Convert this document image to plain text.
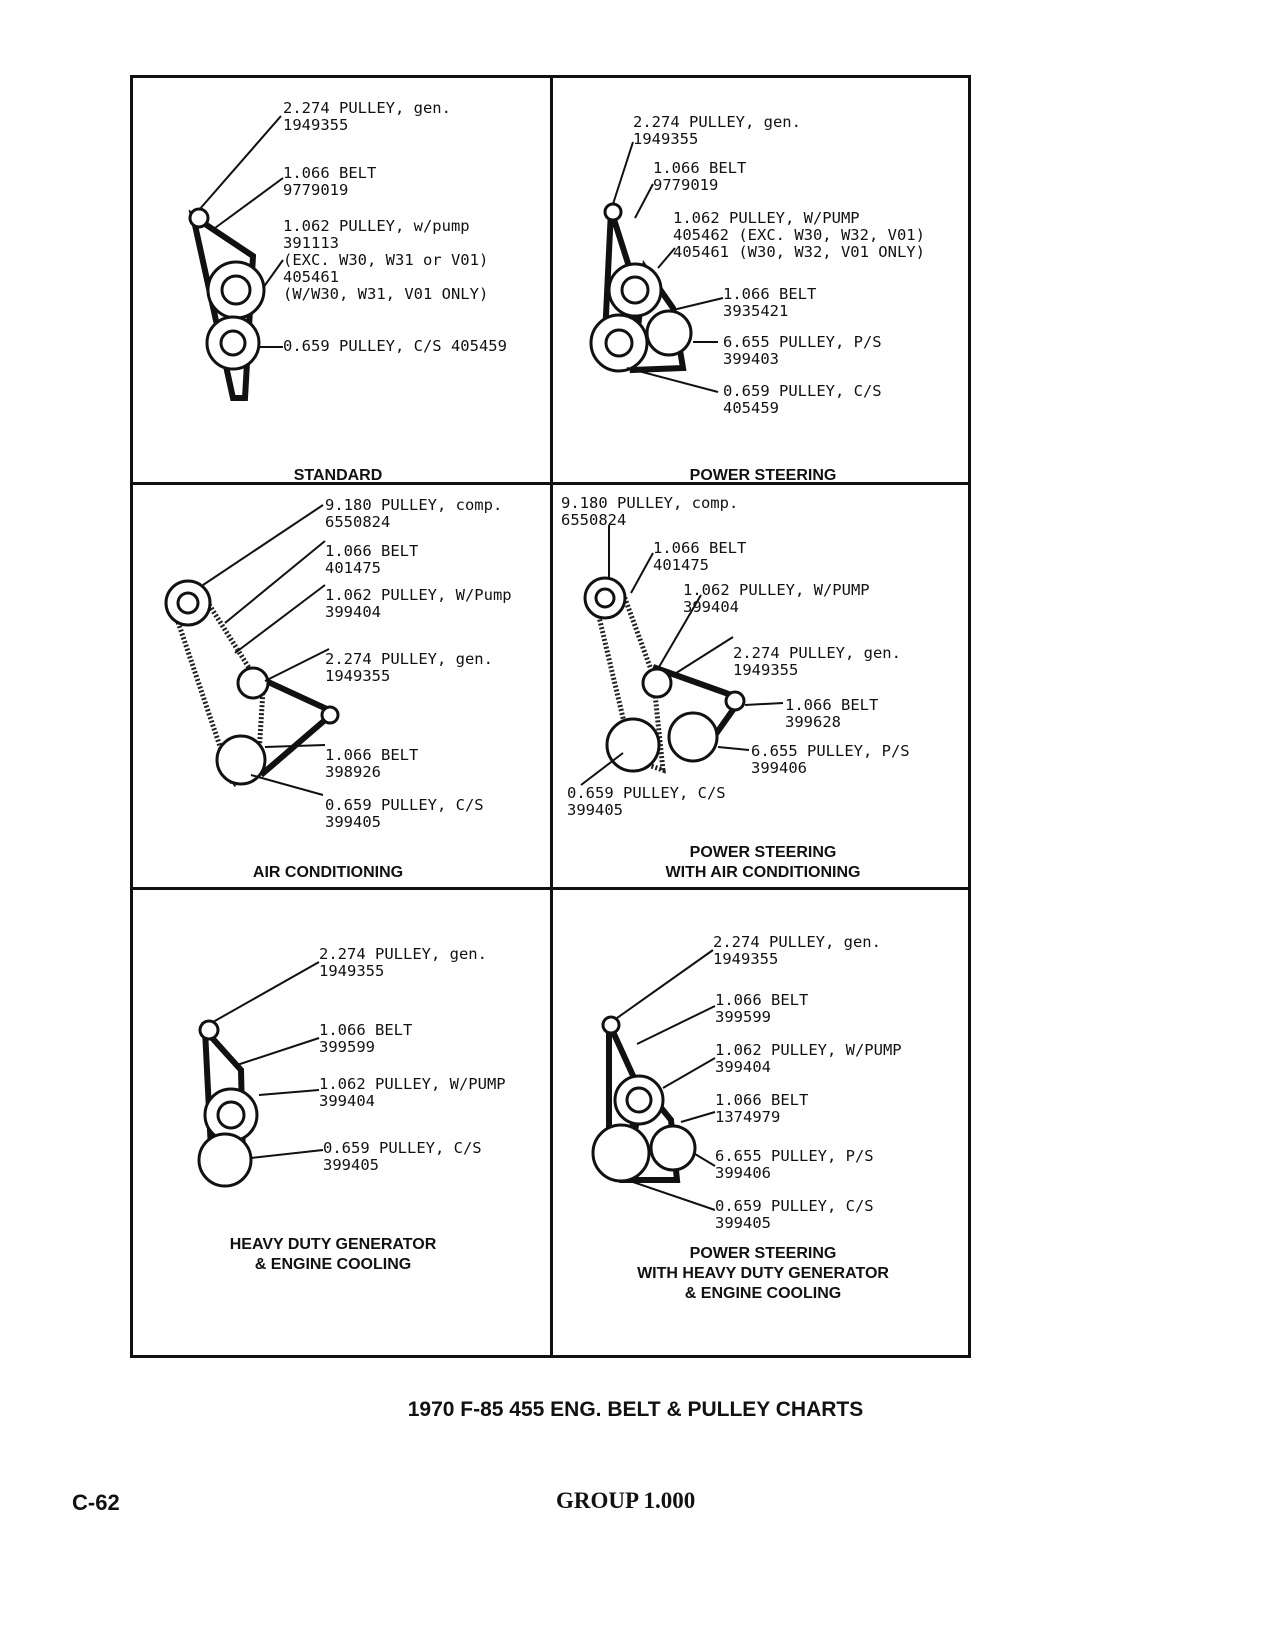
2.274 PULLEY, gen.
1949355
1.066 BELT
9779019
1.062 PULLEY, w/pump
391113
(EXC. W30, W31 or V01)
405461
(W/W30, W31, V01 ONLY)
0.659 PULLEY, C/S 405459
STANDARD
2.274 PULLEY, gen.
1949355
1.066 BELT
9779019
1.062 PULLEY, W/PUMP
405462 (EXC. W30, W32, V01)
405461 (W30, W32, V01 ONLY)
1.066 BELT
3935421
6.655 PULLEY, P/S
399403
0.659 PULLEY, C/S
405459
POWER STEERING
9.180 PULLEY, comp.
6550824
1.066 BELT
401475
1.062 PULLEY, W/Pump
399404
2.274 PULLEY, gen.
1949355
1.066 BELT
398926
0.659 PULLEY, C/S
399405
AIR CONDITIONING
9.180 PULLEY, comp.
6550824
1.066 BELT
401475
1.062 PULLEY, W/PUMP
399404
2.274 PULLEY, gen.
1949355
1.066 BELT
399628
6.655 PULLEY, P/S
399406
0.659 PULLEY, C/S
399405
POWER STEERING
WITH AIR CONDITIONING
2.274 PULLEY, gen.
1949355
1.066 BELT
399599
1.062 PULLEY, W/PUMP
399404
0.659 PULLEY, C/S
399405
HEAVY DUTY GENERATOR
& ENGINE COOLING
2.274 PULLEY, gen.
1949355
1.066 BELT
399599
1.062 PULLEY, W/PUMP
399404
1.066 BELT
1374979
6.655 PULLEY, P/S
399406
0.659 PULLEY, C/S
399405
POWER STEERING
WITH HEAVY DUTY GENERATOR
& ENGINE COOLING
1970 F-85 455 ENG. BELT & PULLEY CHARTS
C-62	GROUP 1.000
